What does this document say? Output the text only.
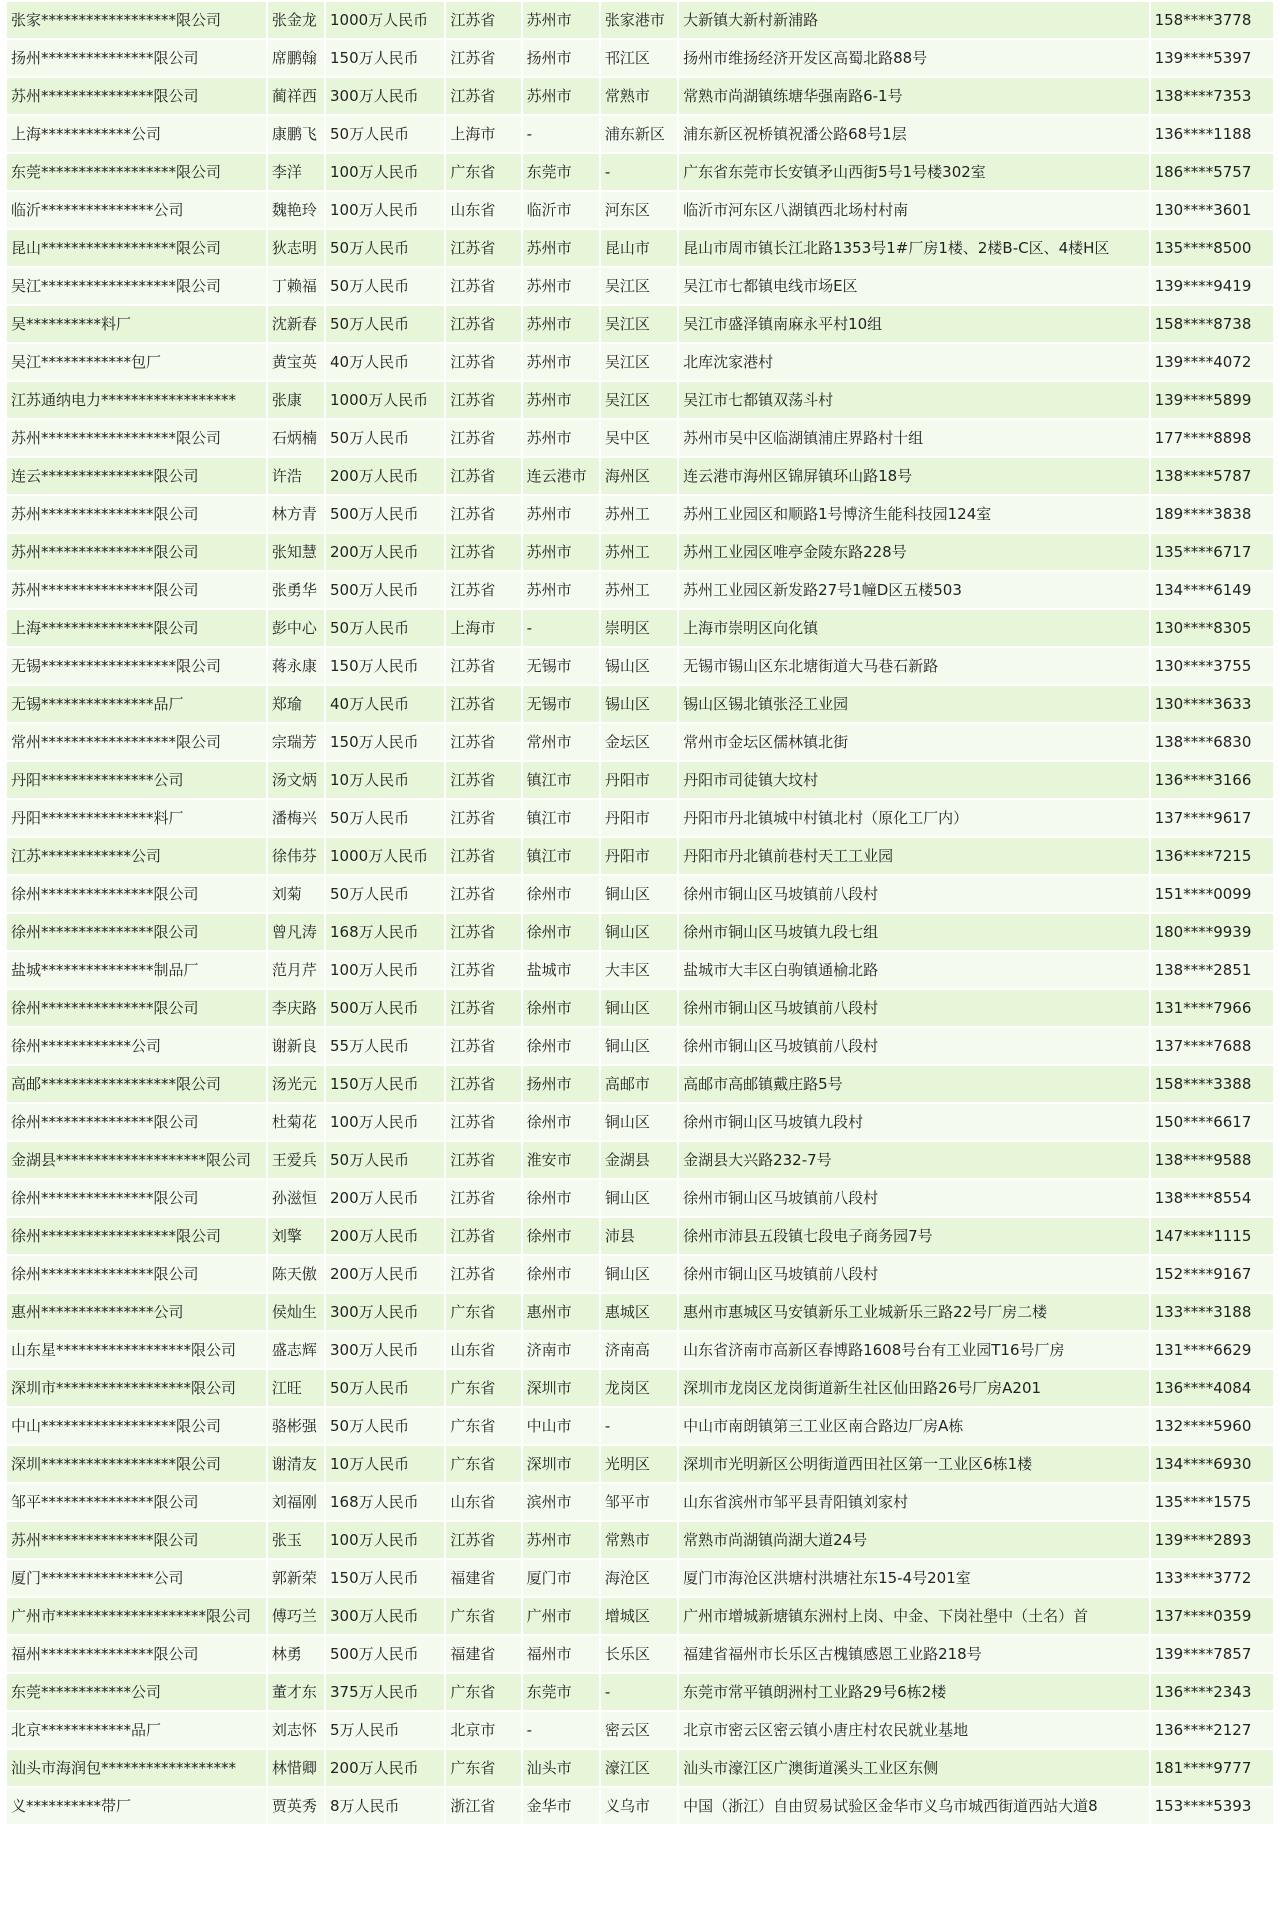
张家******************限公司	张金龙	1000万人民币	江苏省	苏州市	张家港市	大新镇大新村新浦路	158****3778
扬州***************限公司	席鹏翰	150万人民币	江苏省	扬州市	邗江区	扬州市维扬经济开发区高蜀北路88号	139****5397
苏州***************限公司	蔺祥西	300万人民币	江苏省	苏州市	常熟市	常熟市尚湖镇练塘华强南路6-1号	138****7353
上海************公司	康鹏飞	50万人民币	上海市	-	浦东新区	浦东新区祝桥镇祝潘公路68号1层	136****1188
东莞******************限公司	李洋	100万人民币	广东省	东莞市	-	广东省东莞市长安镇矛山西街5号1号楼302室	186****5757
临沂***************公司	魏艳玲	100万人民币	山东省	临沂市	河东区	临沂市河东区八湖镇西北场村村南	130****3601
昆山******************限公司	狄志明	50万人民币	江苏省	苏州市	昆山市	昆山市周市镇长江北路1353号1#厂房1楼、2楼B-C区、4楼H区	135****8500
吴江******************限公司	丁赖福	50万人民币	江苏省	苏州市	吴江区	吴江市七都镇电线市场E区	139****9419
吴**********料厂	沈新春	50万人民币	江苏省	苏州市	吴江区	吴江市盛泽镇南麻永平村10组	158****8738
吴江************包厂	黄宝英	40万人民币	江苏省	苏州市	吴江区	北库沈家港村	139****4072
江苏通纳电力******************	张康	1000万人民币	江苏省	苏州市	吴江区	吴江市七都镇双荡斗村	139****5899
苏州******************限公司	石炳楠	50万人民币	江苏省	苏州市	吴中区	苏州市吴中区临湖镇浦庄界路村十组	177****8898
连云***************限公司	许浩	200万人民币	江苏省	连云港市	海州区	连云港市海州区锦屏镇环山路18号	138****5787
苏州***************限公司	林方青	500万人民币	江苏省	苏州市	苏州工	苏州工业园区和顺路1号博济生能科技园124室	189****3838
苏州***************限公司	张知慧	200万人民币	江苏省	苏州市	苏州工	苏州工业园区唯亭金陵东路228号	135****6717
苏州***************限公司	张勇华	500万人民币	江苏省	苏州市	苏州工	苏州工业园区新发路27号1幢D区五楼503	134****6149
上海***************限公司	彭中心	50万人民币	上海市	-	崇明区	上海市崇明区向化镇	130****8305
无锡******************限公司	蒋永康	150万人民币	江苏省	无锡市	锡山区	无锡市锡山区东北塘街道大马巷石新路	130****3755
无锡***************品厂	郑瑜	40万人民币	江苏省	无锡市	锡山区	锡山区锡北镇张泾工业园	130****3633
常州******************限公司	宗瑞芳	150万人民币	江苏省	常州市	金坛区	常州市金坛区儒林镇北街	138****6830
丹阳***************公司	汤文炳	10万人民币	江苏省	镇江市	丹阳市	丹阳市司徒镇大坟村	136****3166
丹阳***************料厂	潘梅兴	50万人民币	江苏省	镇江市	丹阳市	丹阳市丹北镇城中村镇北村（原化工厂内）	137****9617
江苏************公司	徐伟芬	1000万人民币	江苏省	镇江市	丹阳市	丹阳市丹北镇前巷村天工工业园	136****7215
徐州***************限公司	刘菊	50万人民币	江苏省	徐州市	铜山区	徐州市铜山区马坡镇前八段村	151****0099
徐州***************限公司	曾凡涛	168万人民币	江苏省	徐州市	铜山区	徐州市铜山区马坡镇九段七组	180****9939
盐城***************制品厂	范月芹	100万人民币	江苏省	盐城市	大丰区	盐城市大丰区白驹镇通榆北路	138****2851
徐州***************限公司	李庆路	500万人民币	江苏省	徐州市	铜山区	徐州市铜山区马坡镇前八段村	131****7966
徐州************公司	谢新良	55万人民币	江苏省	徐州市	铜山区	徐州市铜山区马坡镇前八段村	137****7688
高邮******************限公司	汤光元	150万人民币	江苏省	扬州市	高邮市	高邮市高邮镇戴庄路5号	158****3388
徐州***************限公司	杜菊花	100万人民币	江苏省	徐州市	铜山区	徐州市铜山区马坡镇九段村	150****6617
金湖县********************限公司	王爱兵	50万人民币	江苏省	淮安市	金湖县	金湖县大兴路232-7号	138****9588
徐州***************限公司	孙滋恒	200万人民币	江苏省	徐州市	铜山区	徐州市铜山区马坡镇前八段村	138****8554
徐州******************限公司	刘擎	200万人民币	江苏省	徐州市	沛县	徐州市沛县五段镇七段电子商务园7号	147****1115
徐州***************限公司	陈天傲	200万人民币	江苏省	徐州市	铜山区	徐州市铜山区马坡镇前八段村	152****9167
惠州***************公司	侯灿生	300万人民币	广东省	惠州市	惠城区	惠州市惠城区马安镇新乐工业城新乐三路22号厂房二楼	133****3188
山东星******************限公司	盛志辉	300万人民币	山东省	济南市	济南高	山东省济南市高新区春博路1608号台有工业园T16号厂房	131****6629
深圳市******************限公司	江旺	50万人民币	广东省	深圳市	龙岗区	深圳市龙岗区龙岗街道新生社区仙田路26号厂房A201	136****4084
中山******************限公司	骆彬强	50万人民币	广东省	中山市	-	中山市南朗镇第三工业区南合路边厂房A栋	132****5960
深圳******************限公司	谢清友	10万人民币	广东省	深圳市	光明区	深圳市光明新区公明街道西田社区第一工业区6栋1楼	134****6930
邹平***************限公司	刘福刚	168万人民币	山东省	滨州市	邹平市	山东省滨州市邹平县青阳镇刘家村	135****1575
苏州***************限公司	张玉	100万人民币	江苏省	苏州市	常熟市	常熟市尚湖镇尚湖大道24号	139****2893
厦门***************公司	郭新荣	150万人民币	福建省	厦门市	海沧区	厦门市海沧区洪塘村洪塘社东15-4号201室	133****3772
广州市********************限公司	傅巧兰	300万人民币	广东省	广州市	增城区	广州市增城新塘镇东洲村上岗、中金、下岗社壆中（土名）首	137****0359
福州***************限公司	林勇	500万人民币	福建省	福州市	长乐区	福建省福州市长乐区古槐镇感恩工业路218号	139****7857
东莞************公司	董才东	375万人民币	广东省	东莞市	-	东莞市常平镇朗洲村工业路29号6栋2楼	136****2343
北京************品厂	刘志怀	5万人民币	北京市	-	密云区	北京市密云区密云镇小唐庄村农民就业基地	136****2127
汕头市海润包******************	林惜卿	200万人民币	广东省	汕头市	濠江区	汕头市濠江区广澳街道溪头工业区东侧	181****9777
义**********带厂	贾英秀	8万人民币	浙江省	金华市	义乌市	中国（浙江）自由贸易试验区金华市义乌市城西街道西站大道8	153****5393
